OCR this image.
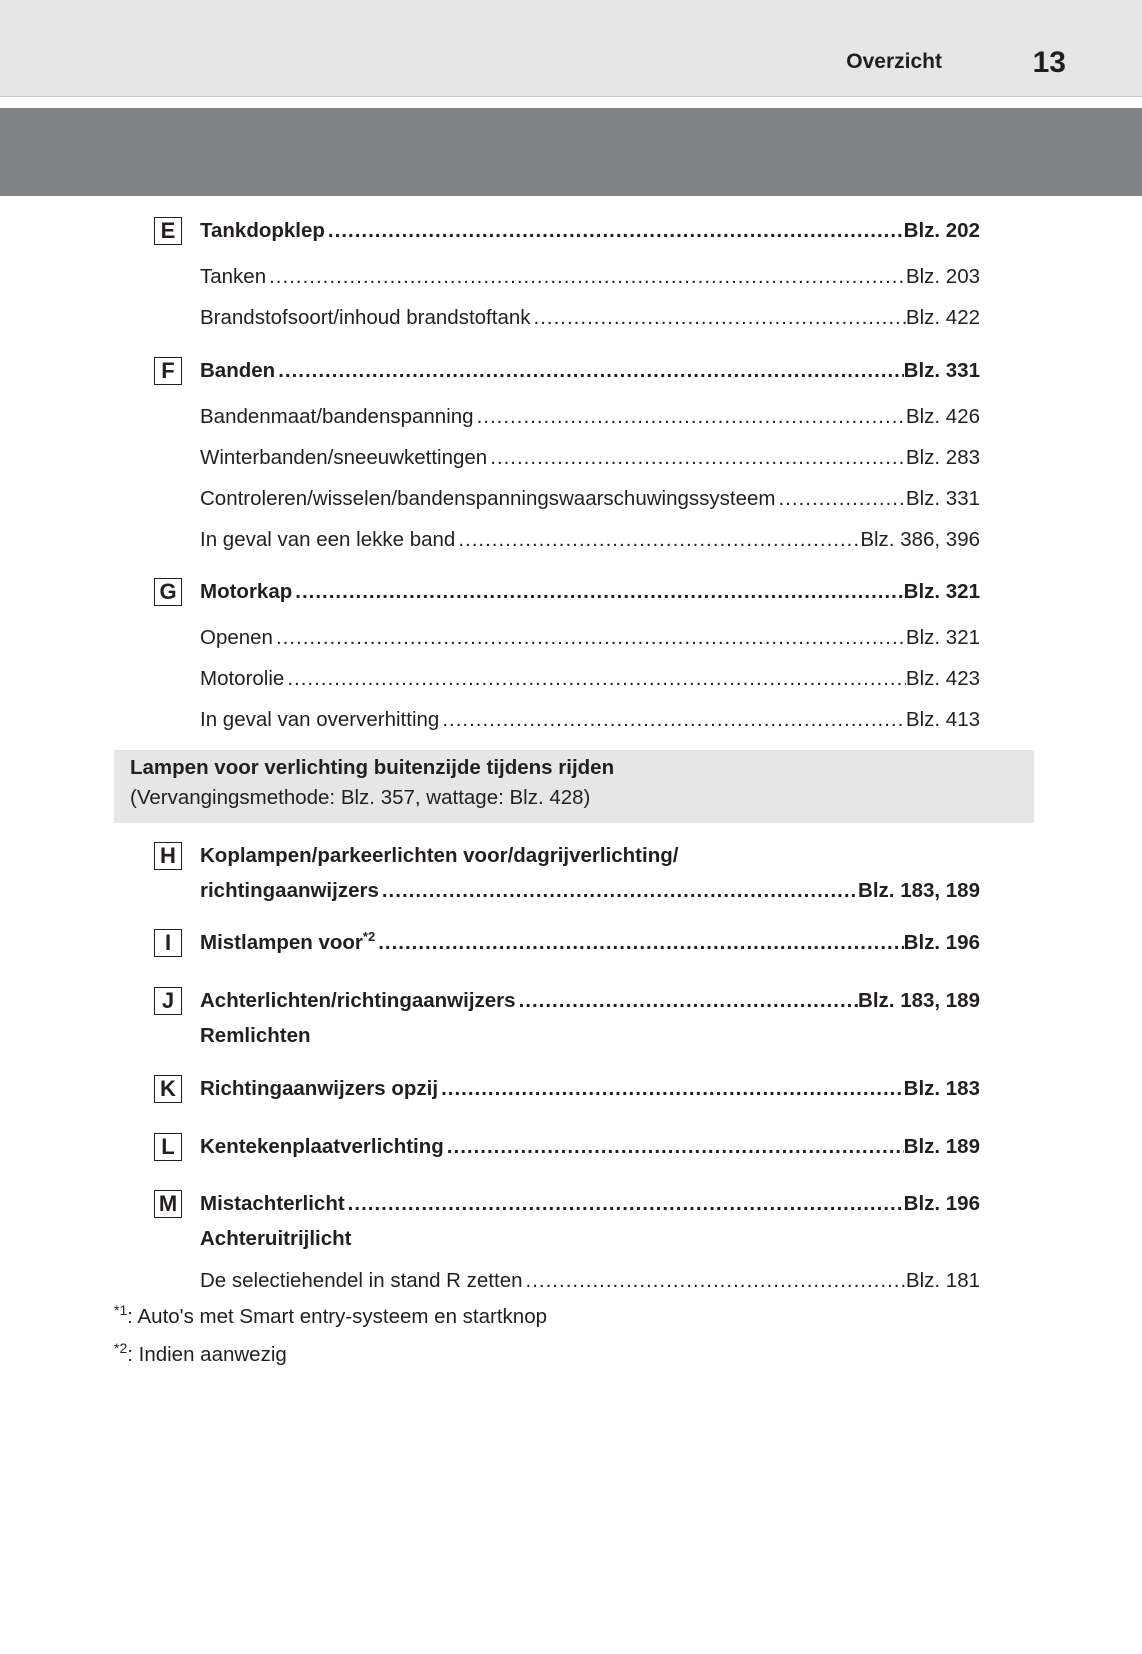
Overzicht	13
E	Tankdopklep .....	Blz. 202
Tanken .....	Blz. 203
Brandstofsoort/inhoud brandstoftank .....	Blz. 422
F	Banden .....	Blz. 331
Bandenmaat/bandenspanning .....	Blz. 426
Winterbanden/sneeuwkettingen .....	Blz. 283
Controleren/wisselen/bandenspanningswaarschuwingssysteem .....	Blz. 331
In geval van een lekke band .....	Blz. 386, 396
G Motorkap .....	Blz. 321
Openen .....	Blz. 321
Motorolie .....	Blz. 423
In geval van oververhitting .....	Blz. 413
Lampen voor verlichting buitenzijde tijdens rijden
(Vervangingsmethode: Blz. 357, wattage: Blz. 428)
H Koplampen/parkeerlichten voor/dagrijverlichting/
richtingaanwijzers .....	Blz. 183, 189
I	Mistlampen voor$^{*2}$ .....	Blz. 196
J	Achterlichten/richtingaanwijzers .....	Blz. 183, 189
Remlichten
K Richtingaanwijzers opzij .....	Blz. 183
L	Kentekenplaatverlichting .....	Blz. 189
M Mistachterlicht .....	Blz. 196
Achteruitrijlicht
De selectiehendel in stand R zetten .....	Blz. 181
$^{*1}$: Auto's met Smart entry-systeem en startknop
$^{*2}$: Indien aanwezig
